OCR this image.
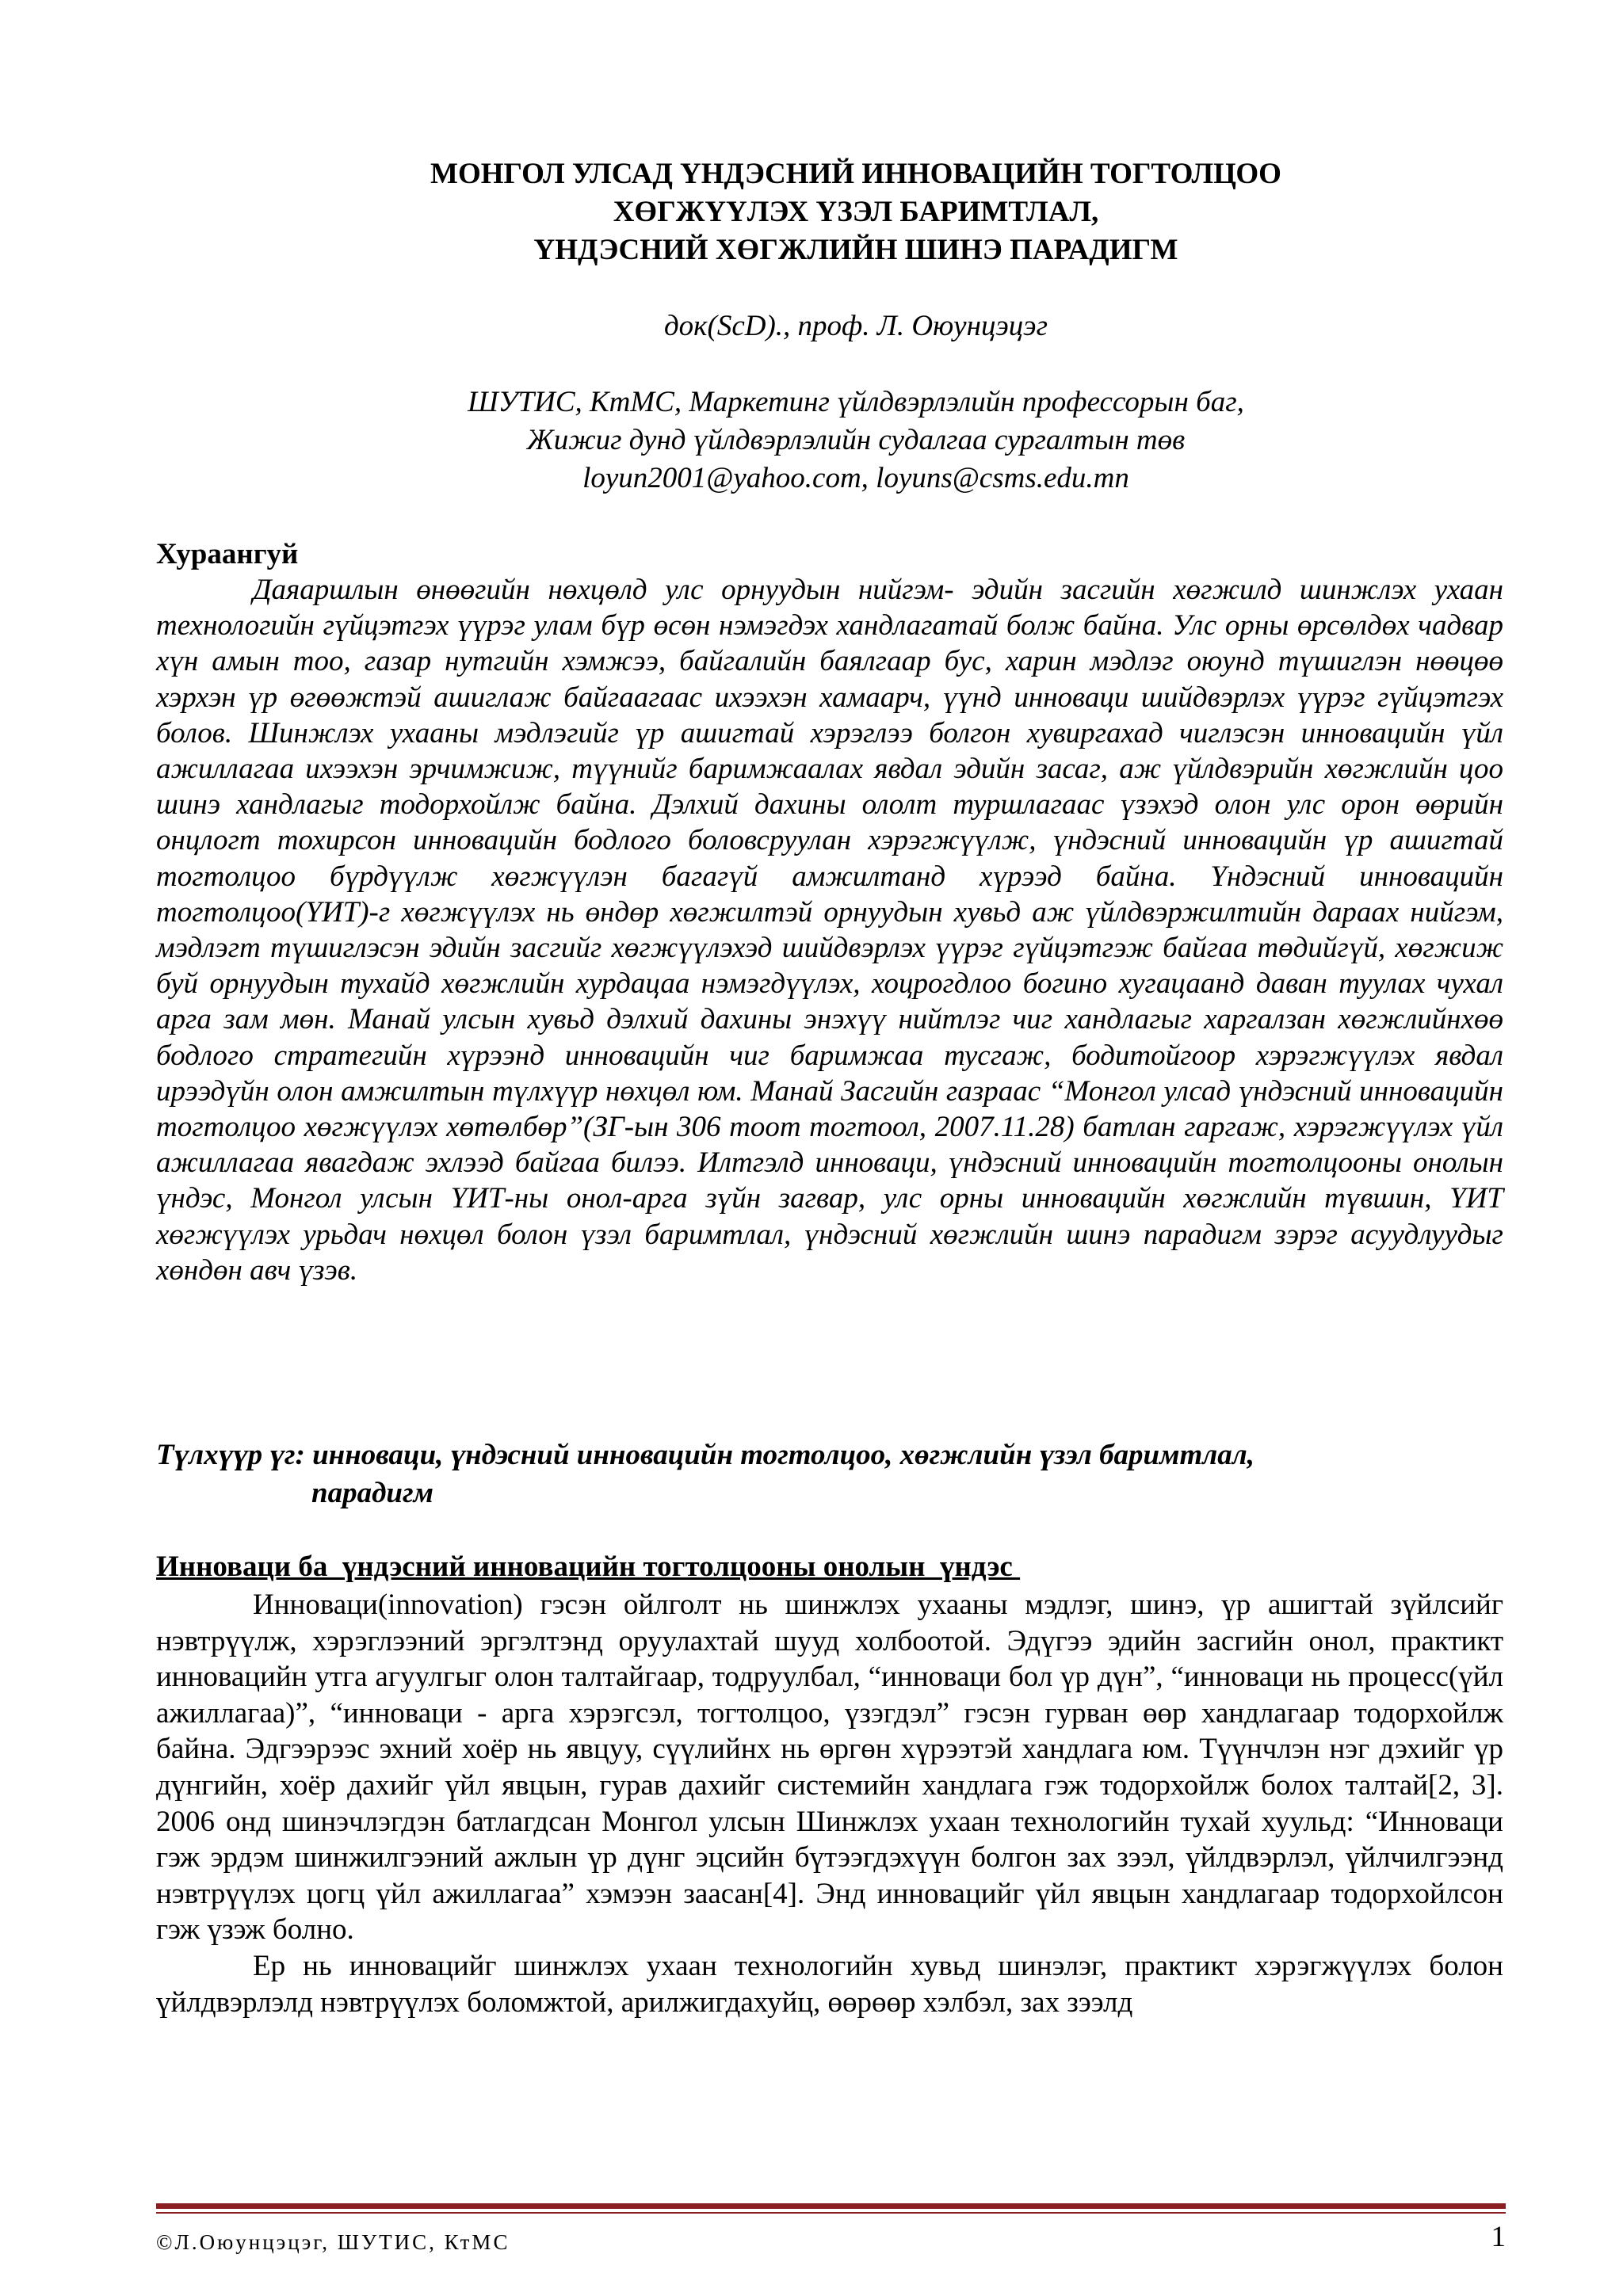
МОНГОЛ УЛСАД ҮНДЭСНИЙ ИННОВАЦИЙН ТОГТОЛЦОО
ХӨГЖҮҮЛЭХ ҮЗЭЛ БАРИМТЛАЛ,
ҮНДЭСНИЙ ХӨГЖЛИЙН ШИНЭ ПАРАДИГМ
док(ScD)., проф. Л. Оюунцэцэг
ШУТИС, КтМС, Маркетинг үйлдвэрлэлийн профессорын баг,
Жижиг дунд үйлдвэрлэлийн судалгаа сургалтын төв
loyun2001@yahoo.com, loyuns@csms.edu.mn
Хураангуй

Даяаршлын өнөөгийн нөхцөлд улс орнуудын нийгэм- эдийн засгийн хөгжилд шинжлэх ухаан технологийн гүйцэтгэх үүрэг улам бүр өсөн нэмэгдэх хандлагатай болж байна. Улс орны өрсөлдөх чадвар хүн амын тоо, газар нутгийн хэмжээ, байгалийн баялгаар бус, харин мэдлэг оюунд түшиглэн нөөцөө хэрхэн үр өгөөжтэй ашиглаж байгаагаас ихээхэн хамаарч, үүнд инноваци шийдвэрлэх үүрэг гүйцэтгэх болов. Шинжлэх ухааны мэдлэгийг үр ашигтай хэрэглээ болгон хувиргахад чиглэсэн инновацийн үйл ажиллагаа ихээхэн эрчимжиж, түүнийг баримжаалах явдал эдийн засаг, аж үйлдвэрийн хөгжлийн цоо шинэ хандлагыг тодорхойлж байна. Дэлхий дахины ололт туршлагаас үзэхэд олон улс орон өөрийн онцлогт тохирсон инновацийн бодлого боловсруулан хэрэгжүүлж, үндэсний инновацийн үр ашигтай тогтолцоо бүрдүүлж хөгжүүлэн багагүй амжилтанд хүрээд байна. Үндэсний инновацийн тогтолцоо(ҮИТ)-г хөгжүүлэх нь өндөр хөгжилтэй орнуудын хувьд аж үйлдвэржилтийн дараах нийгэм, мэдлэгт түшиглэсэн эдийн засгийг хөгжүүлэхэд шийдвэрлэх үүрэг гүйцэтгэж байгаа төдийгүй, хөгжиж буй орнуудын тухайд хөгжлийн хурдацаа нэмэгдүүлэх, хоцрогдлоо богино хугацаанд даван туулах чухал арга зам мөн. Манай улсын хувьд дэлхий дахины энэхүү нийтлэг чиг хандлагыг харгалзан хөгжлийнхөө бодлого стратегийн хүрээнд инновацийн чиг баримжаа тусгаж, бодитойгоор хэрэгжүүлэх явдал ирээдүйн олон амжилтын түлхүүр нөхцөл юм. Манай Засгийн газраас “Монгол улсад үндэсний инновацийн тогтолцоо хөгжүүлэх хөтөлбөр”(ЗГ-ын 306 тоот тогтоол, 2007.11.28) батлан гаргаж, хэрэгжүүлэх үйл ажиллагаа явагдаж эхлээд байгаа билээ. Илтгэлд инноваци, үндэсний инновацийн тогтолцооны онолын үндэс, Монгол улсын ҮИТ-ны онол-арга зүйн загвар, улс орны инновацийн хөгжлийн түвшин, ҮИТ хөгжүүлэх урьдач нөхцөл болон үзэл баримтлал, үндэсний хөгжлийн шинэ парадигм зэрэг асуудлуудыг хөндөн авч үзэв.

Түлхүүр үг: инноваци, үндэсний инновацийн тогтолцоо, хөгжлийн үзэл баримтлал,
парадигм
Инноваци ба  үндэсний инновацийн тогтолцооны онолын  үндэс

Инноваци(innovation) гэсэн ойлголт нь шинжлэх ухааны мэдлэг, шинэ, үр ашигтай зүйлсийг нэвтрүүлж, хэрэглээний эргэлтэнд оруулахтай шууд холбоотой. Эдүгээ эдийн засгийн онол, практикт инновацийн утга агуулгыг олон талтайгаар, тодруулбал, “инноваци бол үр дүн”, “инноваци нь процесс(үйл ажиллагаа)”, “инноваци - арга хэрэгсэл, тогтолцоо, үзэгдэл” гэсэн гурван өөр хандлагаар тодорхойлж байна. Эдгээрээс эхний хоёр нь явцуу, сүүлийнх нь өргөн хүрээтэй хандлага юм. Түүнчлэн нэг дэхийг үр дүнгийн, хоёр дахийг үйл явцын, гурав дахийг системийн хандлага гэж тодорхойлж болох талтай[2, 3]. 2006 онд шинэчлэгдэн батлагдсан Монгол улсын Шинжлэх ухаан технологийн тухай хуульд: “Инноваци гэж эрдэм шинжилгээний ажлын үр дүнг эцсийн бүтээгдэхүүн болгон зах зээл, үйлдвэрлэл, үйлчилгээнд нэвтрүүлэх цогц үйл ажиллагаа” хэмээн заасан[4]. Энд инновацийг үйл явцын хандлагаар тодорхойлсон гэж үзэж болно.

Ер нь инновацийг шинжлэх ухаан технологийн хувьд шинэлэг, практикт хэрэгжүүлэх болон үйлдвэрлэлд нэвтрүүлэх боломжтой, арилжигдахуйц, өөрөөр хэлбэл, зах зээлд

©Л.Оюунцэцэг, ШУТИС, КтМС	1
